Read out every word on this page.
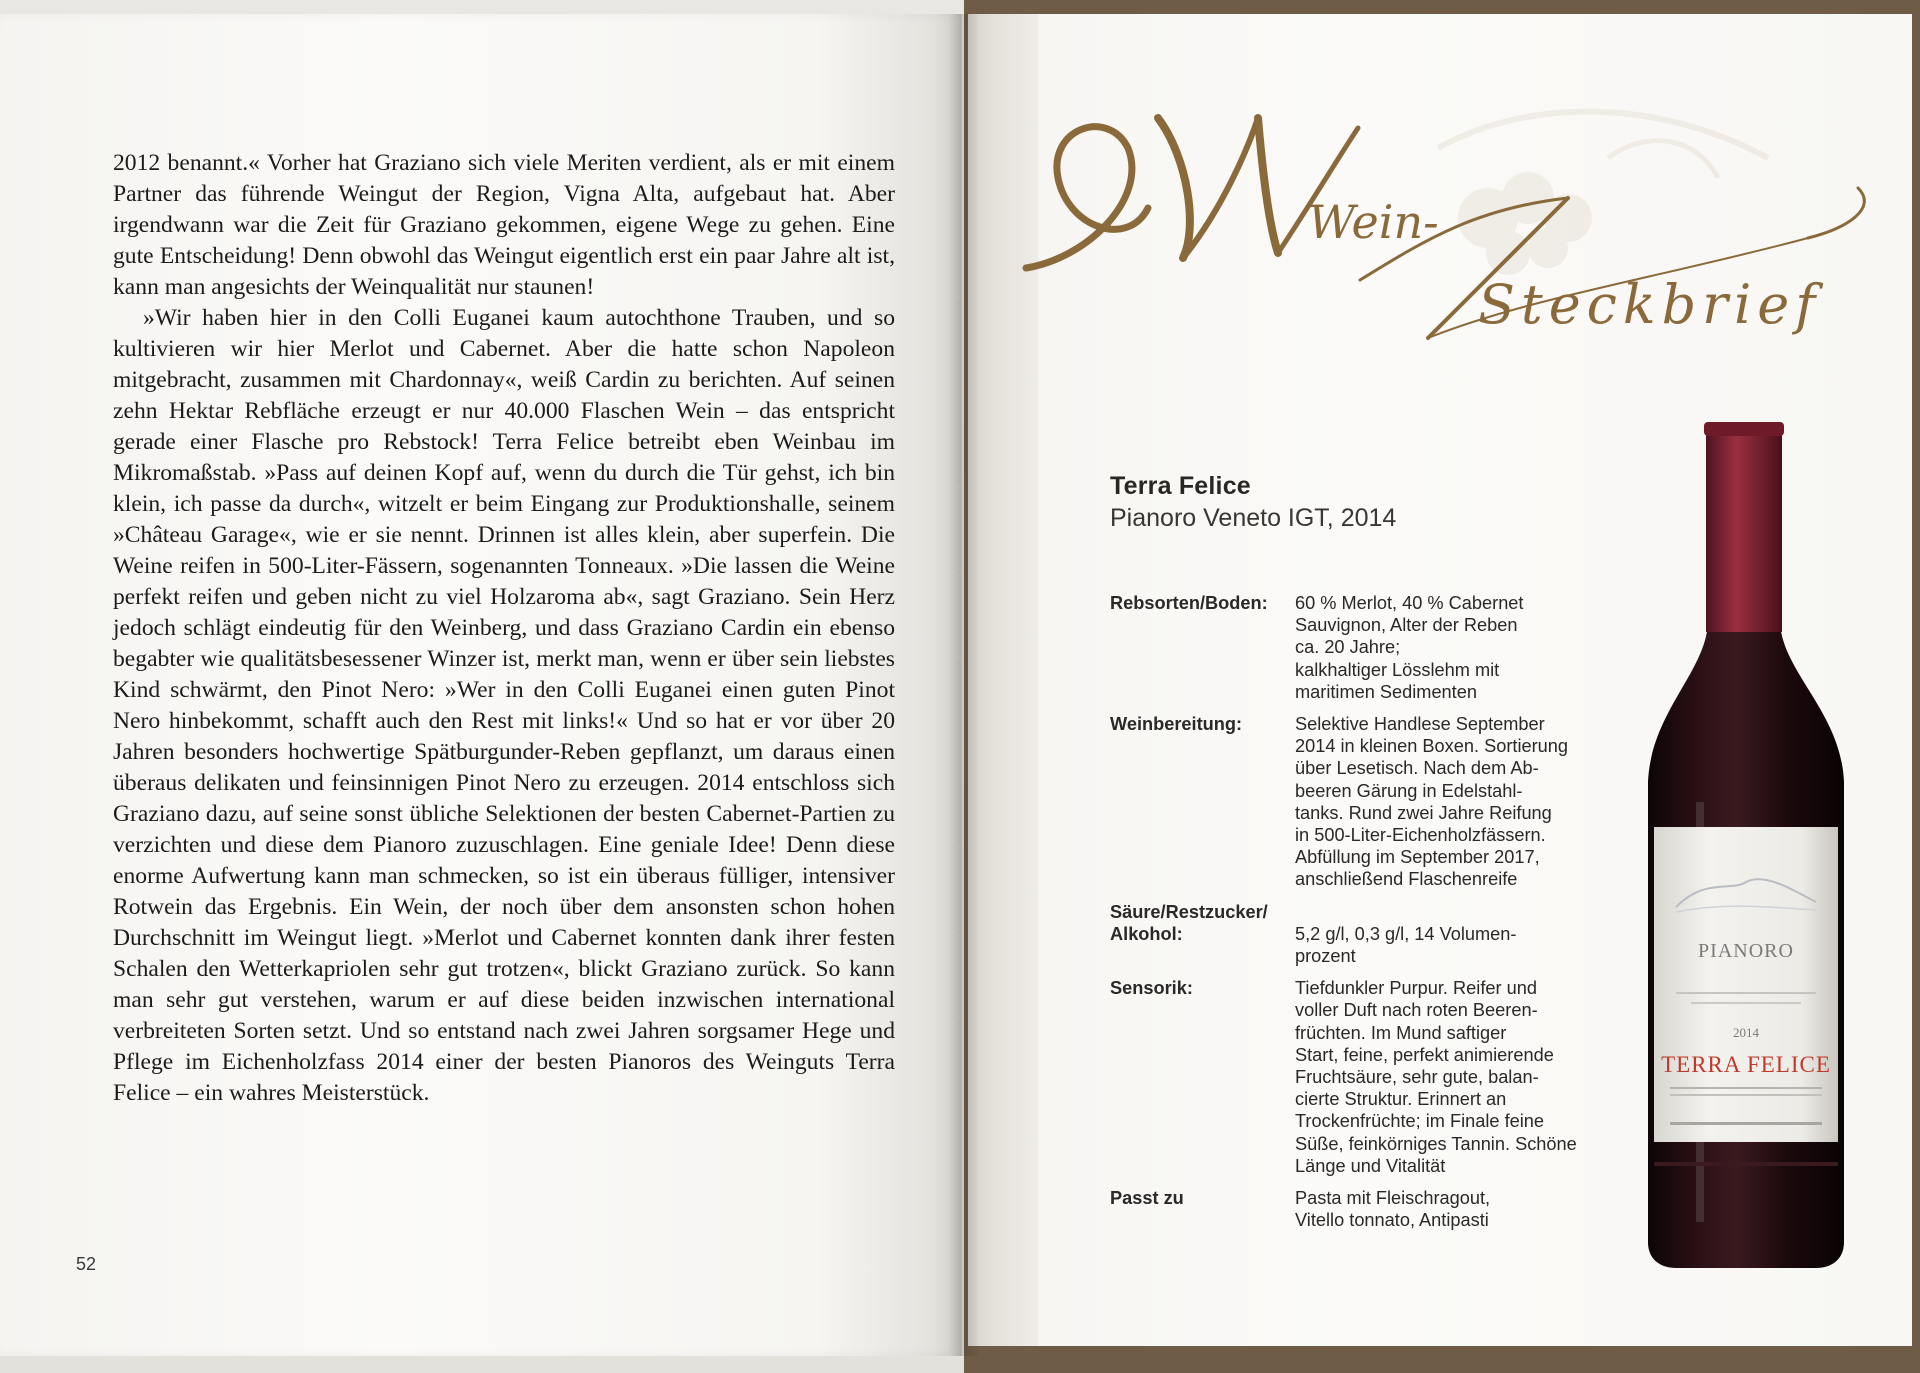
2012 benannt.« Vorher hat Graziano sich viele Meriten verdient, als er mit einem Partner das führende Weingut der Region, Vigna Alta, aufgebaut hat. Aber irgendwann war die Zeit für Graziano gekommen, eigene Wege zu gehen. Eine gute Entscheidung! Denn obwohl das Weingut eigentlich erst ein paar Jahre alt ist, kann man angesichts der Weinqualität nur staunen!

»Wir haben hier in den Colli Euganei kaum autochthone Trauben, und so kultivieren wir hier Merlot und Cabernet. Aber die hatte schon Napoleon mitgebracht, zusammen mit Chardonnay«, weiß Cardin zu berichten. Auf seinen zehn Hektar Rebfläche erzeugt er nur 40.000 Flaschen Wein – das entspricht gerade einer Flasche pro Rebstock! Terra Felice betreibt eben Weinbau im Mikromaßstab. »Pass auf deinen Kopf auf, wenn du durch die Tür gehst, ich bin klein, ich passe da durch«, witzelt er beim Eingang zur Produktionshalle, seinem »Château Garage«, wie er sie nennt. Drinnen ist alles klein, aber superfein. Die Weine reifen in 500-Liter-Fässern, sogenannten Tonneaux. »Die lassen die Weine perfekt reifen und geben nicht zu viel Holzaroma ab«, sagt Graziano. Sein Herz jedoch schlägt eindeutig für den Weinberg, und dass Graziano Cardin ein ebenso begabter wie qualitätsbesessener Winzer ist, merkt man, wenn er über sein liebstes Kind schwärmt, den Pinot Nero: »Wer in den Colli Euganei einen guten Pinot Nero hinbekommt, schafft auch den Rest mit links!« Und so hat er vor über 20 Jahren besonders hochwertige Spätburgunder-Reben gepflanzt, um daraus einen überaus delikaten und feinsinnigen Pinot Nero zu erzeugen. 2014 entschloss sich Graziano dazu, auf seine sonst übliche Selektionen der besten Cabernet-Partien zu verzichten und diese dem Pianoro zuzuschlagen. Eine geniale Idee! Denn diese enorme Aufwertung kann man schmecken, so ist ein überaus fülliger, intensiver Rotwein das Ergebnis. Ein Wein, der noch über dem ansonsten schon hohen Durchschnitt im Weingut liegt. »Merlot und Cabernet konnten dank ihrer festen Schalen den Wetterkapriolen sehr gut trotzen«, blickt Graziano zurück. So kann man sehr gut verstehen, warum er auf diese beiden inzwischen international verbreiteten Sorten setzt. Und so entstand nach zwei Jahren sorgsamer Hege und Pflege im Eichenholzfass 2014 einer der besten Pianoros des Weinguts Terra Felice – ein wahres Meisterstück.

52
Wein-
Steckbrief
Terra Felice
Pianoro Veneto IGT, 2014
Rebsorten/Boden:	60 % Merlot, 40 % Cabernet
Sauvignon, Alter der Reben
ca. 20 Jahre;
kalkhaltiger Lösslehm mit
maritimen Sedimenten
Weinbereitung:	Selektive Handlese September
2014 in kleinen Boxen. Sortierung
über Lesetisch. Nach dem Ab-
beeren Gärung in Edelstahl-
tanks. Rund zwei Jahre Reifung
in 500-Liter-Eichenholzfässern.
Abfüllung im September 2017,
anschließend Flaschenreife
Säure/Restzucker/
Alkohol:	
5,2 g/l, 0,3 g/l, 14 Volumen-
prozent
Sensorik:	Tiefdunkler Purpur. Reifer und
voller Duft nach roten Beeren-
früchten. Im Mund saftiger
Start, feine, perfekt animierende
Fruchtsäure, sehr gute, balan-
cierte Struktur. Erinnert an
Trockenfrüchte; im Finale feine
Süße, feinkörniges Tannin. Schöne
Länge und Vitalität
Passt zu	Pasta mit Fleischragout,
Vitello tonnato, Antipasti
PIANORO
2014
TERRA FELICE
